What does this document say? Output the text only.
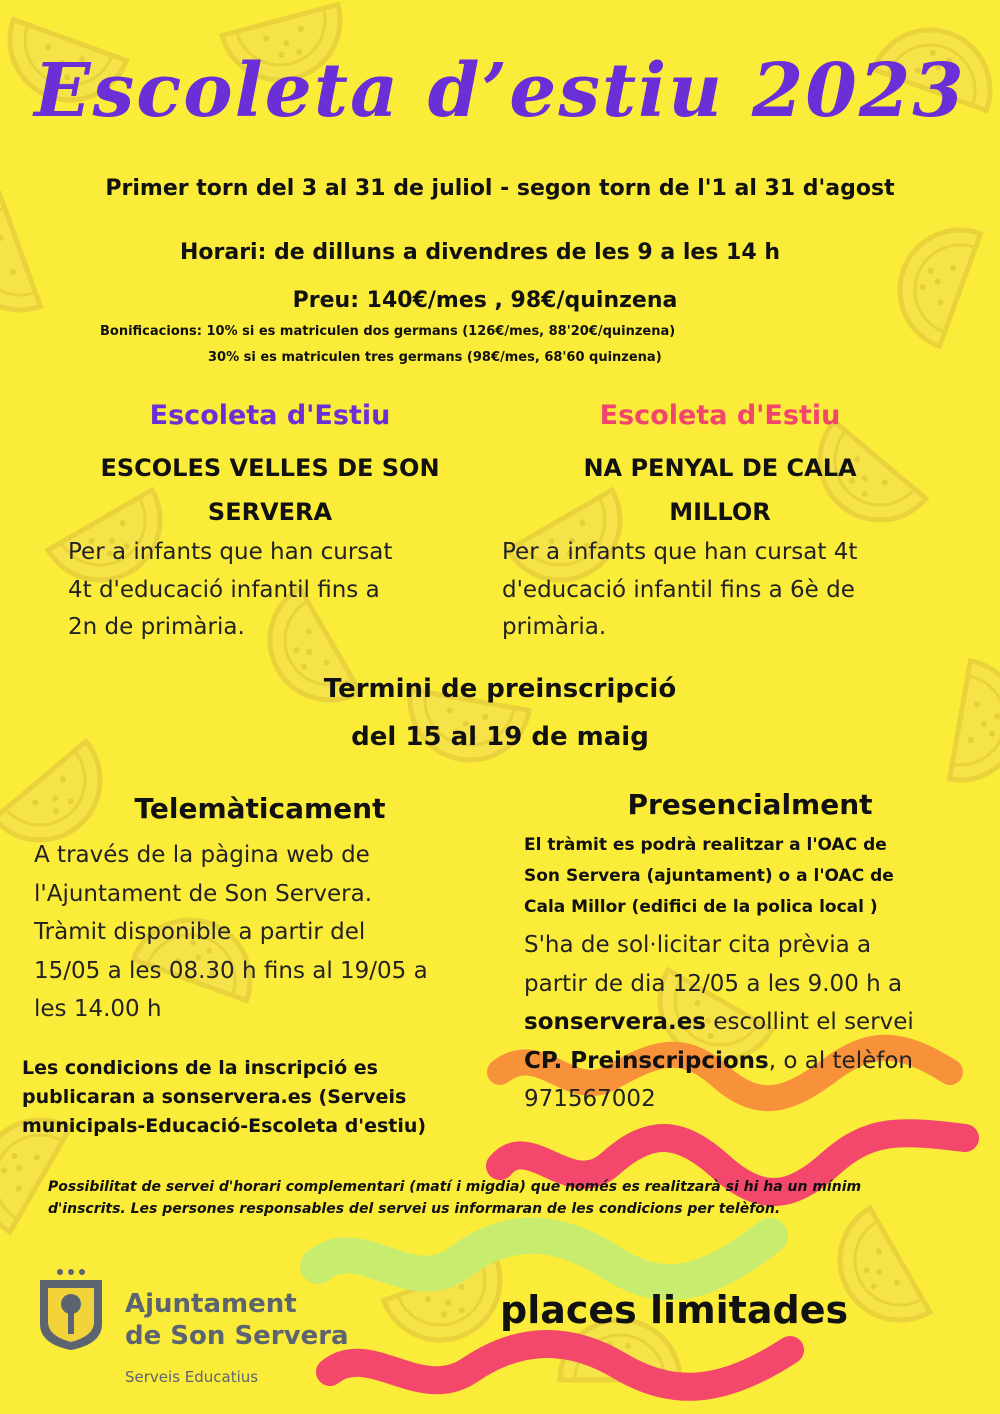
Escoleta d’estiu 2023
Primer torn del 3 al 31 de juliol - segon torn de l'1 al 31 d'agost
Horari: de dilluns a divendres de les 9 a les 14 h
Preu: 140€/mes , 98€/quinzena
Bonificacions: 10% si es matriculen dos germans (126€/mes, 88'20€/quinzena)
30% si es matriculen tres germans (98€/mes, 68'60 quinzena)
Escoleta d'Estiu
ESCOLES VELLES DE SON
SERVERA
Per a infants que han cursat
4t d'educació infantil fins a
2n de primària.
Escoleta d'Estiu
NA PENYAL DE CALA
MILLOR
Per a infants que han cursat 4t
d'educació infantil fins a 6è de
primària.
Termini de preinscripció
del 15 al 19 de maig
Telemàticament
A través de la pàgina web de
l'Ajuntament de Son Servera.
Tràmit disponible a partir del
15/05 a les 08.30 h fins al 19/05 a
les 14.00 h
Les condicions de la inscripció es
publicaran a sonservera.es (Serveis
municipals-Educació-Escoleta d'estiu)
Presencialment
El tràmit es podrà realitzar a l'OAC de
Son Servera (ajuntament) o a l'OAC de
Cala Millor (edifici de la polica local )
S'ha de sol·licitar cita prèvia a
partir de dia 12/05 a les 9.00 h a
sonservera.es escollint el servei
CP. Preinscripcions, o al telèfon
971567002
Possibilitat de servei d'horari complementari (matí i migdia) que només es realitzarà si hi ha un mínim
d'inscrits. Les persones responsables del servei us informaran de les condicions per telèfon.
Ajuntament
de Son Servera
Serveis Educatius
places limitades
